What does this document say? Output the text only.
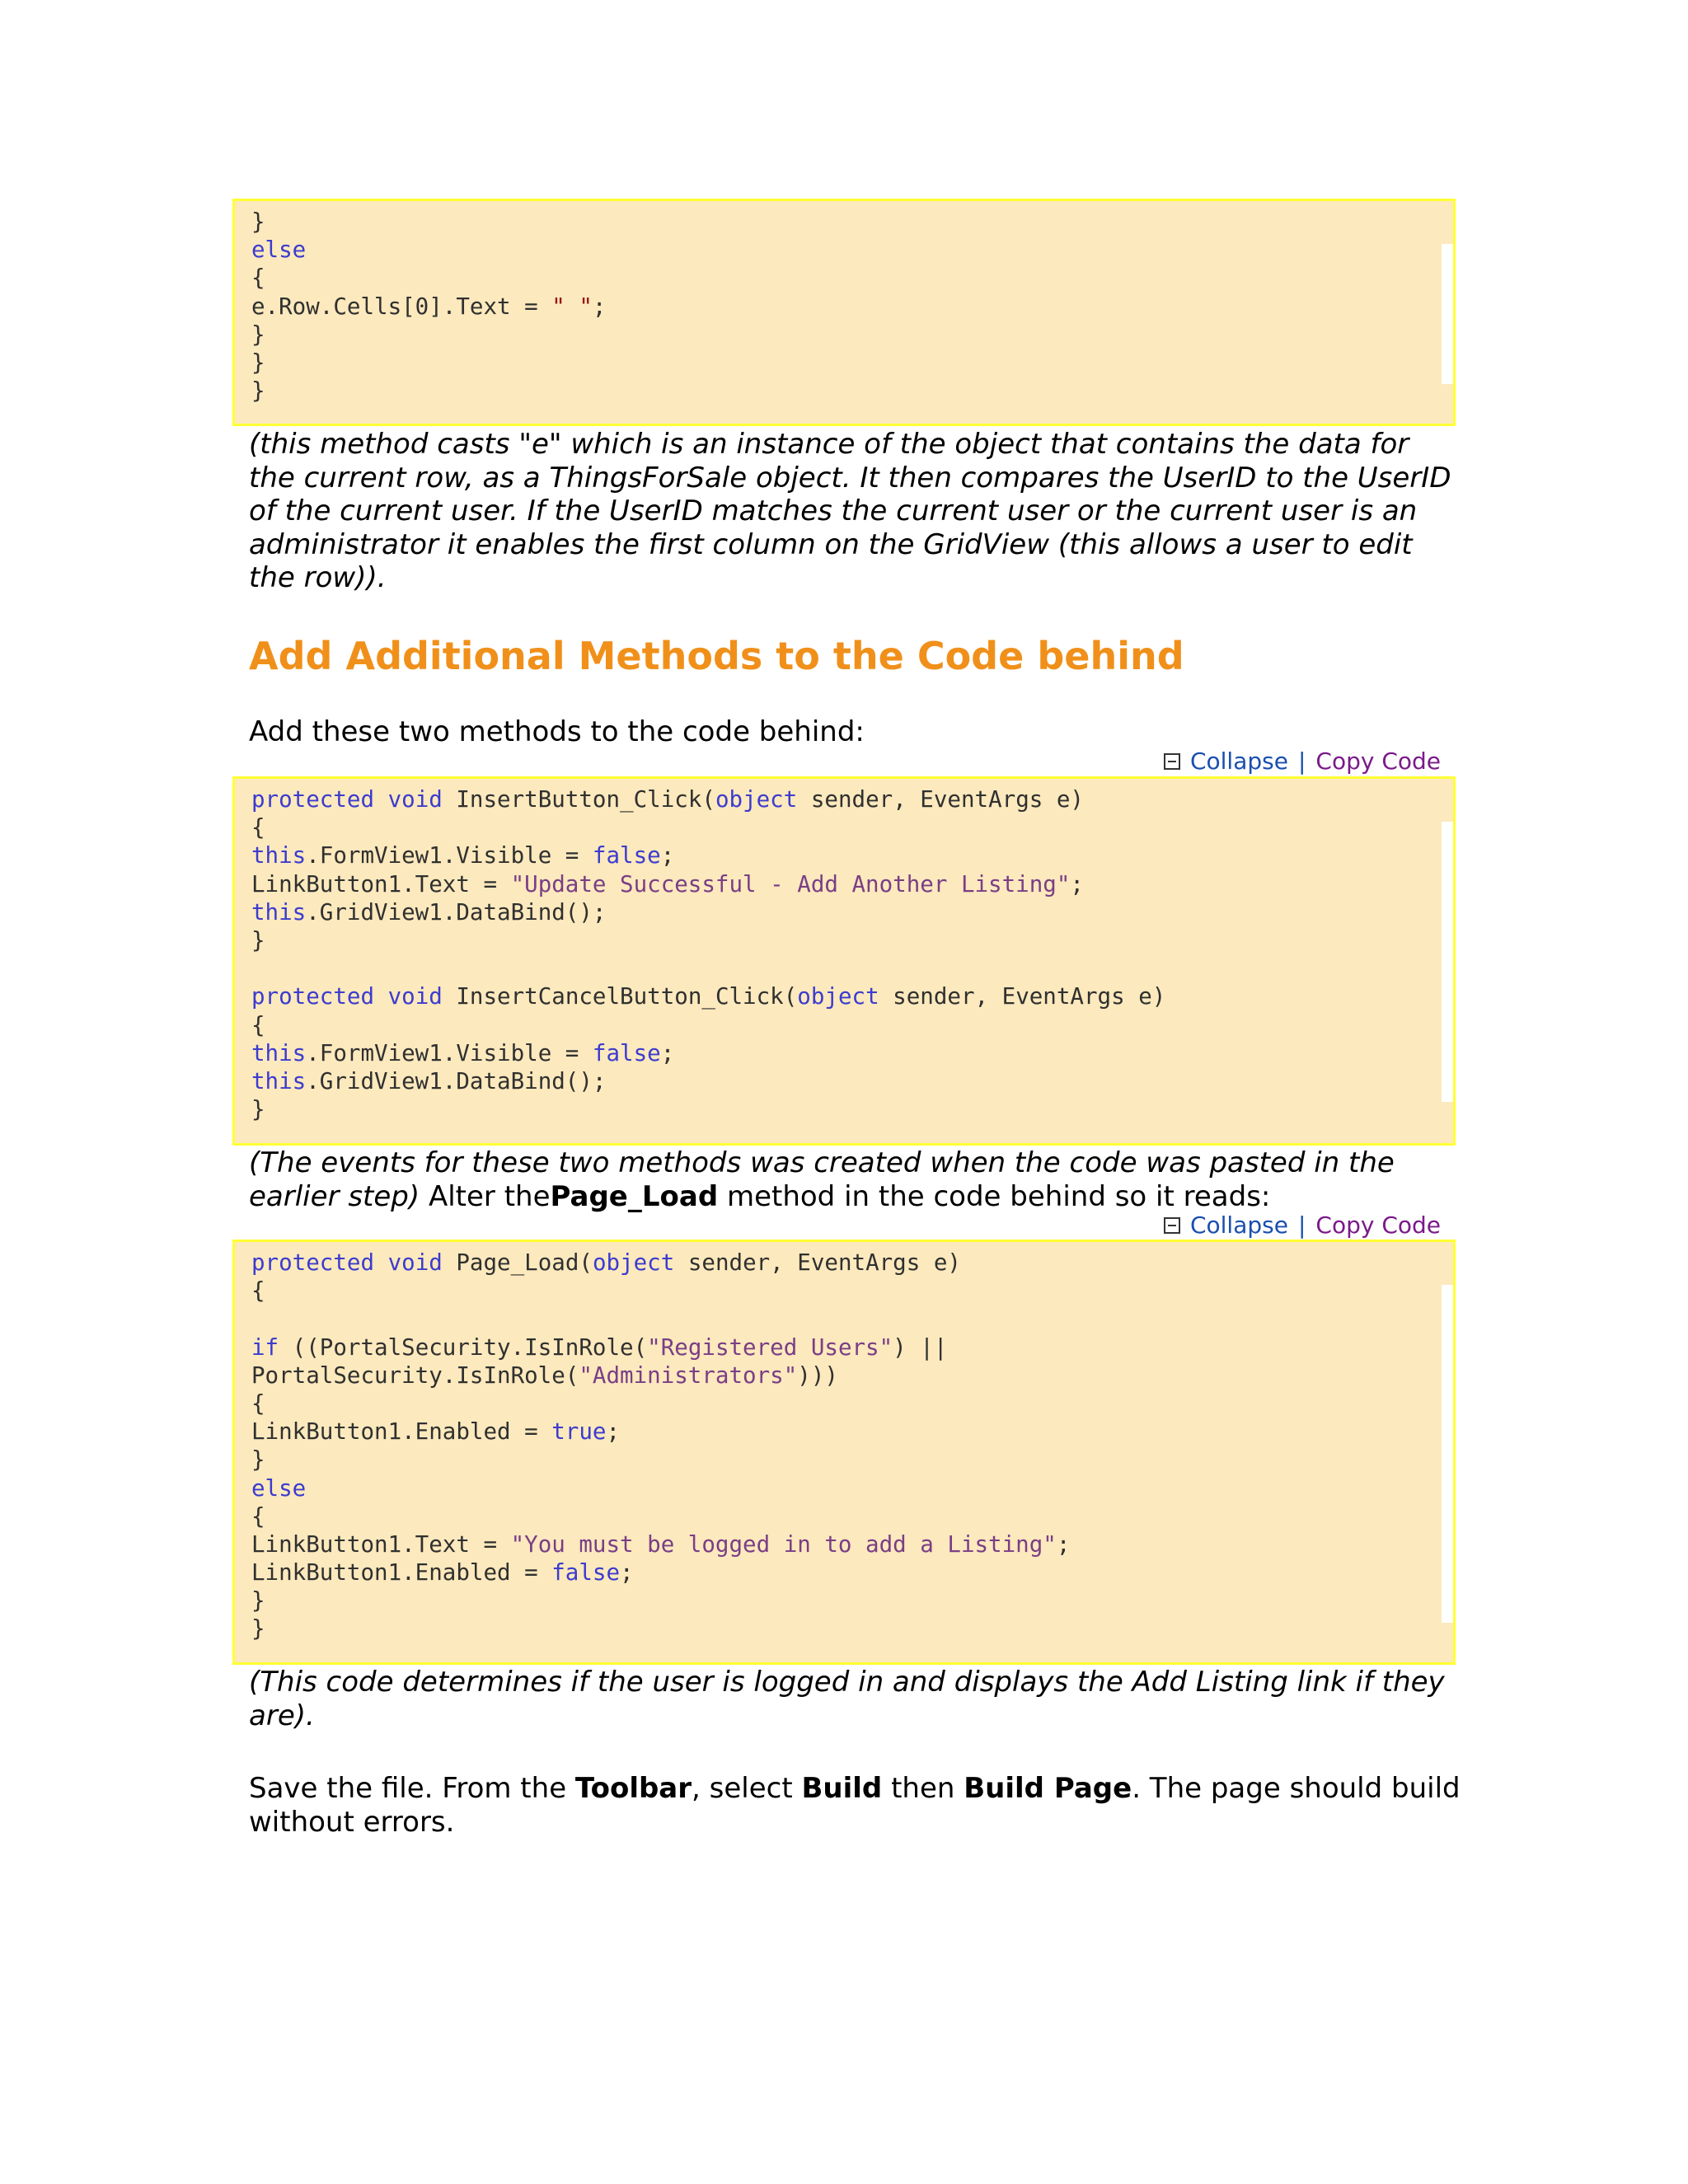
}
else
{
e.Row.Cells[0].Text = " ";
}
}
}
(this method casts "e" which is an instance of the object that contains the data for the current row, as a ThingsForSale object. It then compares the UserID to the UserID of the current user. If the UserID matches the current user or the current user is an administrator it enables the first column on the GridView (this allows a user to edit the row)).
Add Additional Methods to the Code behind
Add these two methods to the code behind:
Collapse | Copy Code
protected void InsertButton_Click(object sender, EventArgs e)
{
this.FormView1.Visible = false;
LinkButton1.Text = "Update Successful - Add Another Listing";
this.GridView1.DataBind();
}
protected void InsertCancelButton_Click(object sender, EventArgs e)
{
this.FormView1.Visible = false;
this.GridView1.DataBind();
}
(The events for these two methods was created when the code was pasted in the earlier step) Alter thePage_Load method in the code behind so it reads:
Collapse | Copy Code
protected void Page_Load(object sender, EventArgs e)
{
if ((PortalSecurity.IsInRole("Registered Users") ||
PortalSecurity.IsInRole("Administrators")))
{
LinkButton1.Enabled = true;
}
else
{
LinkButton1.Text = "You must be logged in to add a Listing";
LinkButton1.Enabled = false;
}
}
(This code determines if the user is logged in and displays the Add Listing link if they are).
Save the file. From the Toolbar, select Build then Build Page. The page should build without errors.
